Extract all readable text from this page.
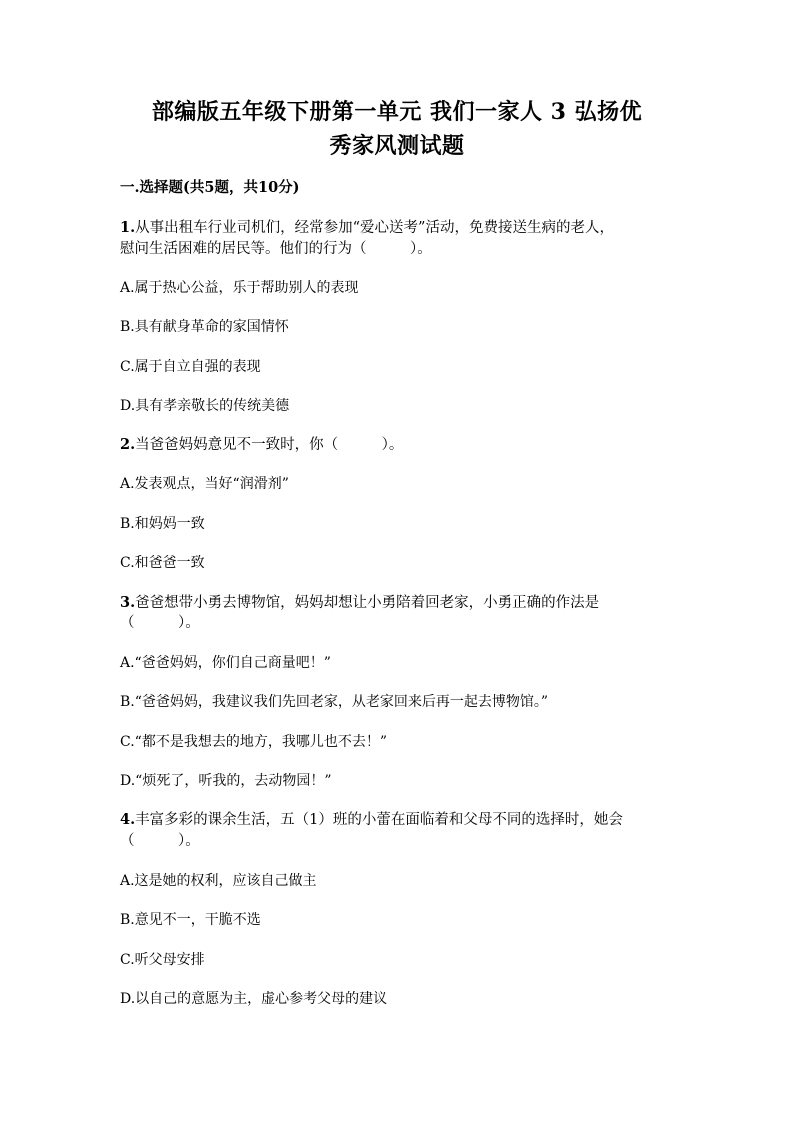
部编版五年级下册第一单元 我们一家人 3 弘扬优
秀家风测试题
一.选择题(共5题，共10分)
1.从事出租车行业司机们，经常参加“爱心送考”活动，免费接送生病的老人，
慰问生活困难的居民等。他们的行为（　　　）。
A.属于热心公益，乐于帮助别人的表现
B.具有献身革命的家国情怀
C.属于自立自强的表现
D.具有孝亲敬长的传统美德
2.当爸爸妈妈意见不一致时，你（　　　）。
A.发表观点，当好“润滑剂”
B.和妈妈一致
C.和爸爸一致
3.爸爸想带小勇去博物馆，妈妈却想让小勇陪着回老家，小勇正确的作法是
（　　　）。
A.“爸爸妈妈，你们自己商量吧！”
B.“爸爸妈妈，我建议我们先回老家，从老家回来后再一起去博物馆。”
C.“都不是我想去的地方，我哪儿也不去！”
D.“烦死了，听我的，去动物园！”
4.丰富多彩的课余生活，五（1）班的小蕾在面临着和父母不同的选择时，她会
（　　　）。
A.这是她的权利，应该自己做主
B.意见不一，干脆不选
C.听父母安排
D.以自己的意愿为主，虚心参考父母的建议
